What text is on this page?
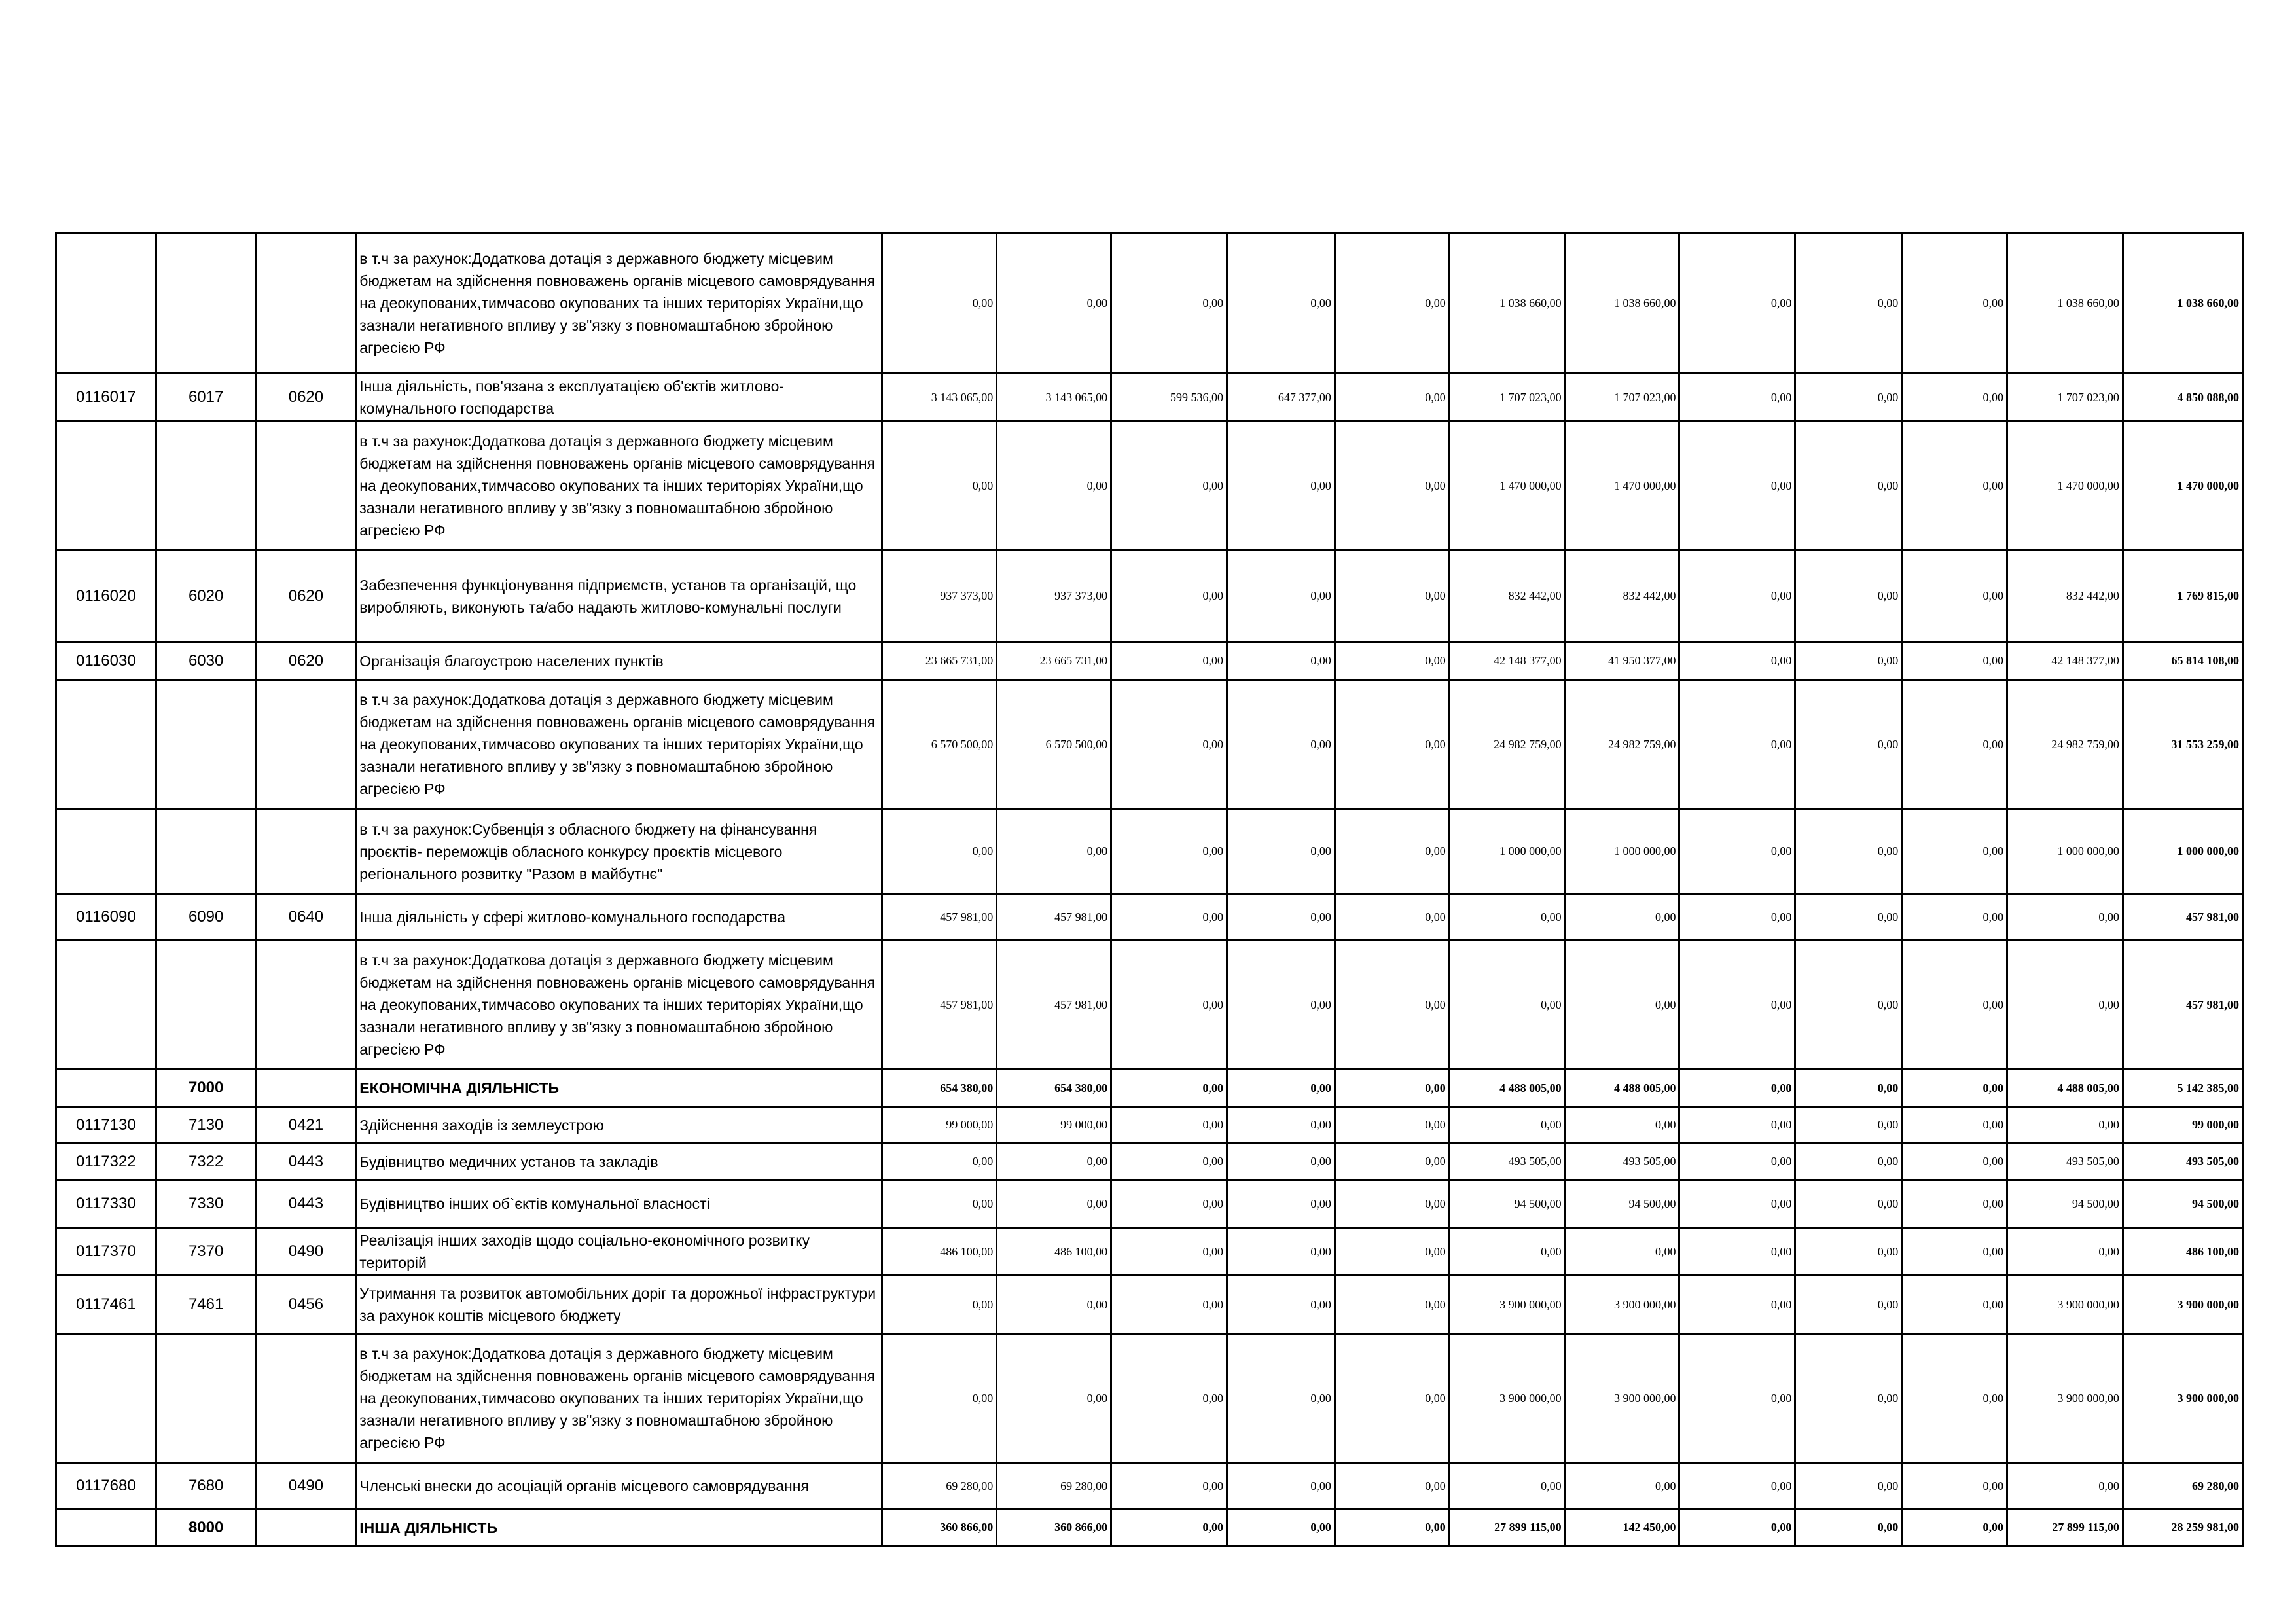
			в т.ч за рахунок:Додаткова дотація з державного бюджету місцевим бюджетам на здійснення повноважень органів місцевого самоврядування на деокупованих,тимчасово окупованих та інших територіях України,що зазнали негативного впливу у зв"язку з повномаштабною збройною агресією РФ	0,00	0,00	0,00	0,00	0,00	1 038 660,00	1 038 660,00	0,00	0,00	0,00	1 038 660,00	1 038 660,00
0116017	6017	0620	Інша діяльність, пов'язана з експлуатацією об'єктів житлово-комунального господарства	3 143 065,00	3 143 065,00	599 536,00	647 377,00	0,00	1 707 023,00	1 707 023,00	0,00	0,00	0,00	1 707 023,00	4 850 088,00
			в т.ч за рахунок:Додаткова дотація з державного бюджету місцевим бюджетам на здійснення повноважень органів місцевого самоврядування на деокупованих,тимчасово окупованих та інших територіях України,що зазнали негативного впливу у зв"язку з повномаштабною збройною агресією РФ	0,00	0,00	0,00	0,00	0,00	1 470 000,00	1 470 000,00	0,00	0,00	0,00	1 470 000,00	1 470 000,00
0116020	6020	0620	Забезпечення функціонування підприємств, установ та організацій, що виробляють, виконують та/або надають житлово-комунальні послуги	937 373,00	937 373,00	0,00	0,00	0,00	832 442,00	832 442,00	0,00	0,00	0,00	832 442,00	1 769 815,00
0116030	6030	0620	Організація благоустрою населених пунктів	23 665 731,00	23 665 731,00	0,00	0,00	0,00	42 148 377,00	41 950 377,00	0,00	0,00	0,00	42 148 377,00	65 814 108,00
			в т.ч за рахунок:Додаткова дотація з державного бюджету місцевим бюджетам на здійснення повноважень органів місцевого самоврядування на деокупованих,тимчасово окупованих та інших територіях України,що зазнали негативного впливу у зв"язку з повномаштабною збройною агресією РФ	6 570 500,00	6 570 500,00	0,00	0,00	0,00	24 982 759,00	24 982 759,00	0,00	0,00	0,00	24 982 759,00	31 553 259,00
			в т.ч за рахунок:Субвенція з обласного бюджету на фінансування проєктів- переможців обласного конкурсу проєктів місцевого регіонального розвитку "Разом в майбутнє"	0,00	0,00	0,00	0,00	0,00	1 000 000,00	1 000 000,00	0,00	0,00	0,00	1 000 000,00	1 000 000,00
0116090	6090	0640	Інша діяльність у сфері житлово-комунального господарства	457 981,00	457 981,00	0,00	0,00	0,00	0,00	0,00	0,00	0,00	0,00	0,00	457 981,00
			в т.ч за рахунок:Додаткова дотація з державного бюджету місцевим бюджетам на здійснення повноважень органів місцевого самоврядування на деокупованих,тимчасово окупованих та інших територіях України,що зазнали негативного впливу у зв"язку з повномаштабною збройною агресією РФ	457 981,00	457 981,00	0,00	0,00	0,00	0,00	0,00	0,00	0,00	0,00	0,00	457 981,00
	7000		ЕКОНОМІЧНА ДІЯЛЬНІСТЬ	654 380,00	654 380,00	0,00	0,00	0,00	4 488 005,00	4 488 005,00	0,00	0,00	0,00	4 488 005,00	5 142 385,00
0117130	7130	0421	Здійснення заходів із землеустрою	99 000,00	99 000,00	0,00	0,00	0,00	0,00	0,00	0,00	0,00	0,00	0,00	99 000,00
0117322	7322	0443	Будівництво медичних установ та закладів	0,00	0,00	0,00	0,00	0,00	493 505,00	493 505,00	0,00	0,00	0,00	493 505,00	493 505,00
0117330	7330	0443	Будівництво інших об`єктів комунальної власності	0,00	0,00	0,00	0,00	0,00	94 500,00	94 500,00	0,00	0,00	0,00	94 500,00	94 500,00
0117370	7370	0490	Реалізація інших заходів щодо соціально-економічного розвитку територій	486 100,00	486 100,00	0,00	0,00	0,00	0,00	0,00	0,00	0,00	0,00	0,00	486 100,00
0117461	7461	0456	Утримання та розвиток автомобільних доріг та дорожньої інфраструктури за рахунок коштів місцевого бюджету	0,00	0,00	0,00	0,00	0,00	3 900 000,00	3 900 000,00	0,00	0,00	0,00	3 900 000,00	3 900 000,00
			в т.ч за рахунок:Додаткова дотація з державного бюджету місцевим бюджетам на здійснення повноважень органів місцевого самоврядування на деокупованих,тимчасово окупованих та інших територіях України,що зазнали негативного впливу у зв"язку з повномаштабною збройною агресією РФ	0,00	0,00	0,00	0,00	0,00	3 900 000,00	3 900 000,00	0,00	0,00	0,00	3 900 000,00	3 900 000,00
0117680	7680	0490	Членські внески до асоціацій органів місцевого самоврядування	69 280,00	69 280,00	0,00	0,00	0,00	0,00	0,00	0,00	0,00	0,00	0,00	69 280,00
	8000		ІНША ДІЯЛЬНІСТЬ	360 866,00	360 866,00	0,00	0,00	0,00	27 899 115,00	142 450,00	0,00	0,00	0,00	27 899 115,00	28 259 981,00
